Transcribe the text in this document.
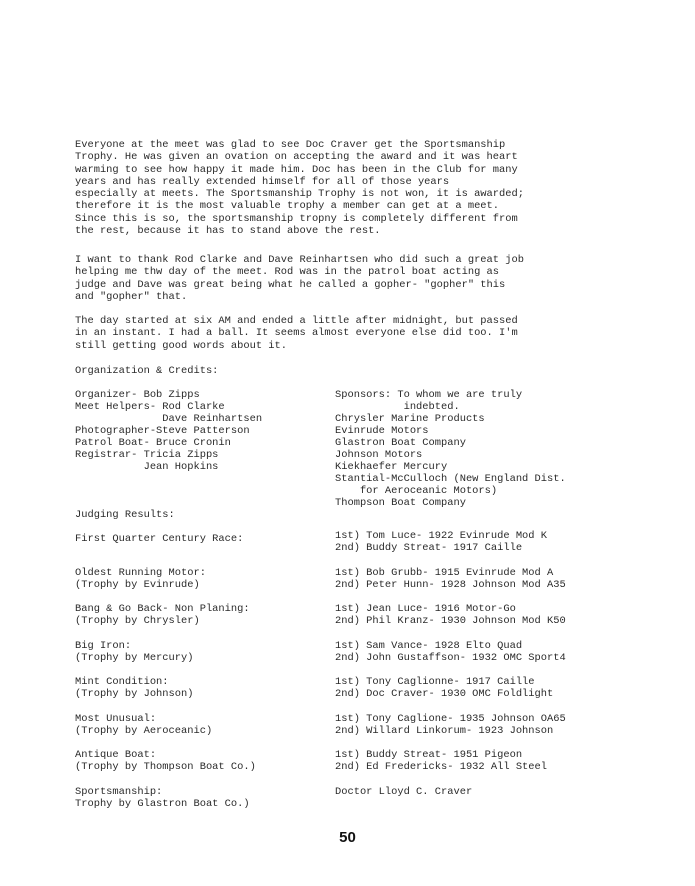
Everyone at the meet was glad to see Doc Craver get the Sportsmanship
Trophy. He was given an ovation on accepting the award and it was heart
warming to see how happy it made him. Doc has been in the Club for many
years and has really extended himself for all of those years
especially at meets. The Sportsmanship Trophy is not won, it is awarded;
therefore it is the most valuable trophy a member can get at a meet.
Since this is so, the sportsmanship tropny is completely different from
the rest, because it has to stand above the rest.

I want to thank Rod Clarke and Dave Reinhartsen who did such a great job
helping me thw day of the meet. Rod was in the patrol boat acting as
judge and Dave was great being what he called a gopher- "gopher" this
and "gopher" that.

The day started at six AM and ended a little after midnight, but passed
in an instant. I had a ball. It seems almost everyone else did too. I'm
still getting good words about it.

Organization & Credits:
Organizer- Bob Zipps
Meet Helpers- Rod Clarke
Dave Reinhartsen
Photographer-Steve Patterson
Patrol Boat- Bruce Cronin
Registrar- Tricia Zipps
Jean Hopkins
Sponsors: To whom we are truly
indebted.
Chrysler Marine Products
Evinrude Motors
Glastron Boat Company
Johnson Motors
Kiekhaefer Mercury
Stantial-McCulloch (New England Dist.
for Aeroceanic Motors)
Thompson Boat Company
Judging Results:
First Quarter Century Race:	1st) Tom Luce- 1922 Evinrude Mod K
2nd) Buddy Streat- 1917 Caille
Oldest Running Motor:
(Trophy by Evinrude)
1st) Bob Grubb- 1915 Evinrude Mod A
2nd) Peter Hunn- 1928 Johnson Mod A35
Bang & Go Back- Non Planing:
(Trophy by Chrysler)
1st) Jean Luce- 1916 Motor-Go
2nd) Phil Kranz- 1930 Johnson Mod K50
Big Iron:
(Trophy by Mercury)
1st) Sam Vance- 1928 Elto Quad
2nd) John Gustaffson- 1932 OMC Sport4
Mint Condition:
(Trophy by Johnson)
1st) Tony Caglionne- 1917 Caille
2nd) Doc Craver- 1930 OMC Foldlight
Most Unusual:
(Trophy by Aeroceanic)
1st) Tony Caglione- 1935 Johnson OA65
2nd) Willard Linkorum- 1923 Johnson
Antique Boat:
(Trophy by Thompson Boat Co.)
1st) Buddy Streat- 1951 Pigeon
2nd) Ed Fredericks- 1932 All Steel
Sportsmanship:
Trophy by Glastron Boat Co.)
Doctor Lloyd C. Craver
50
